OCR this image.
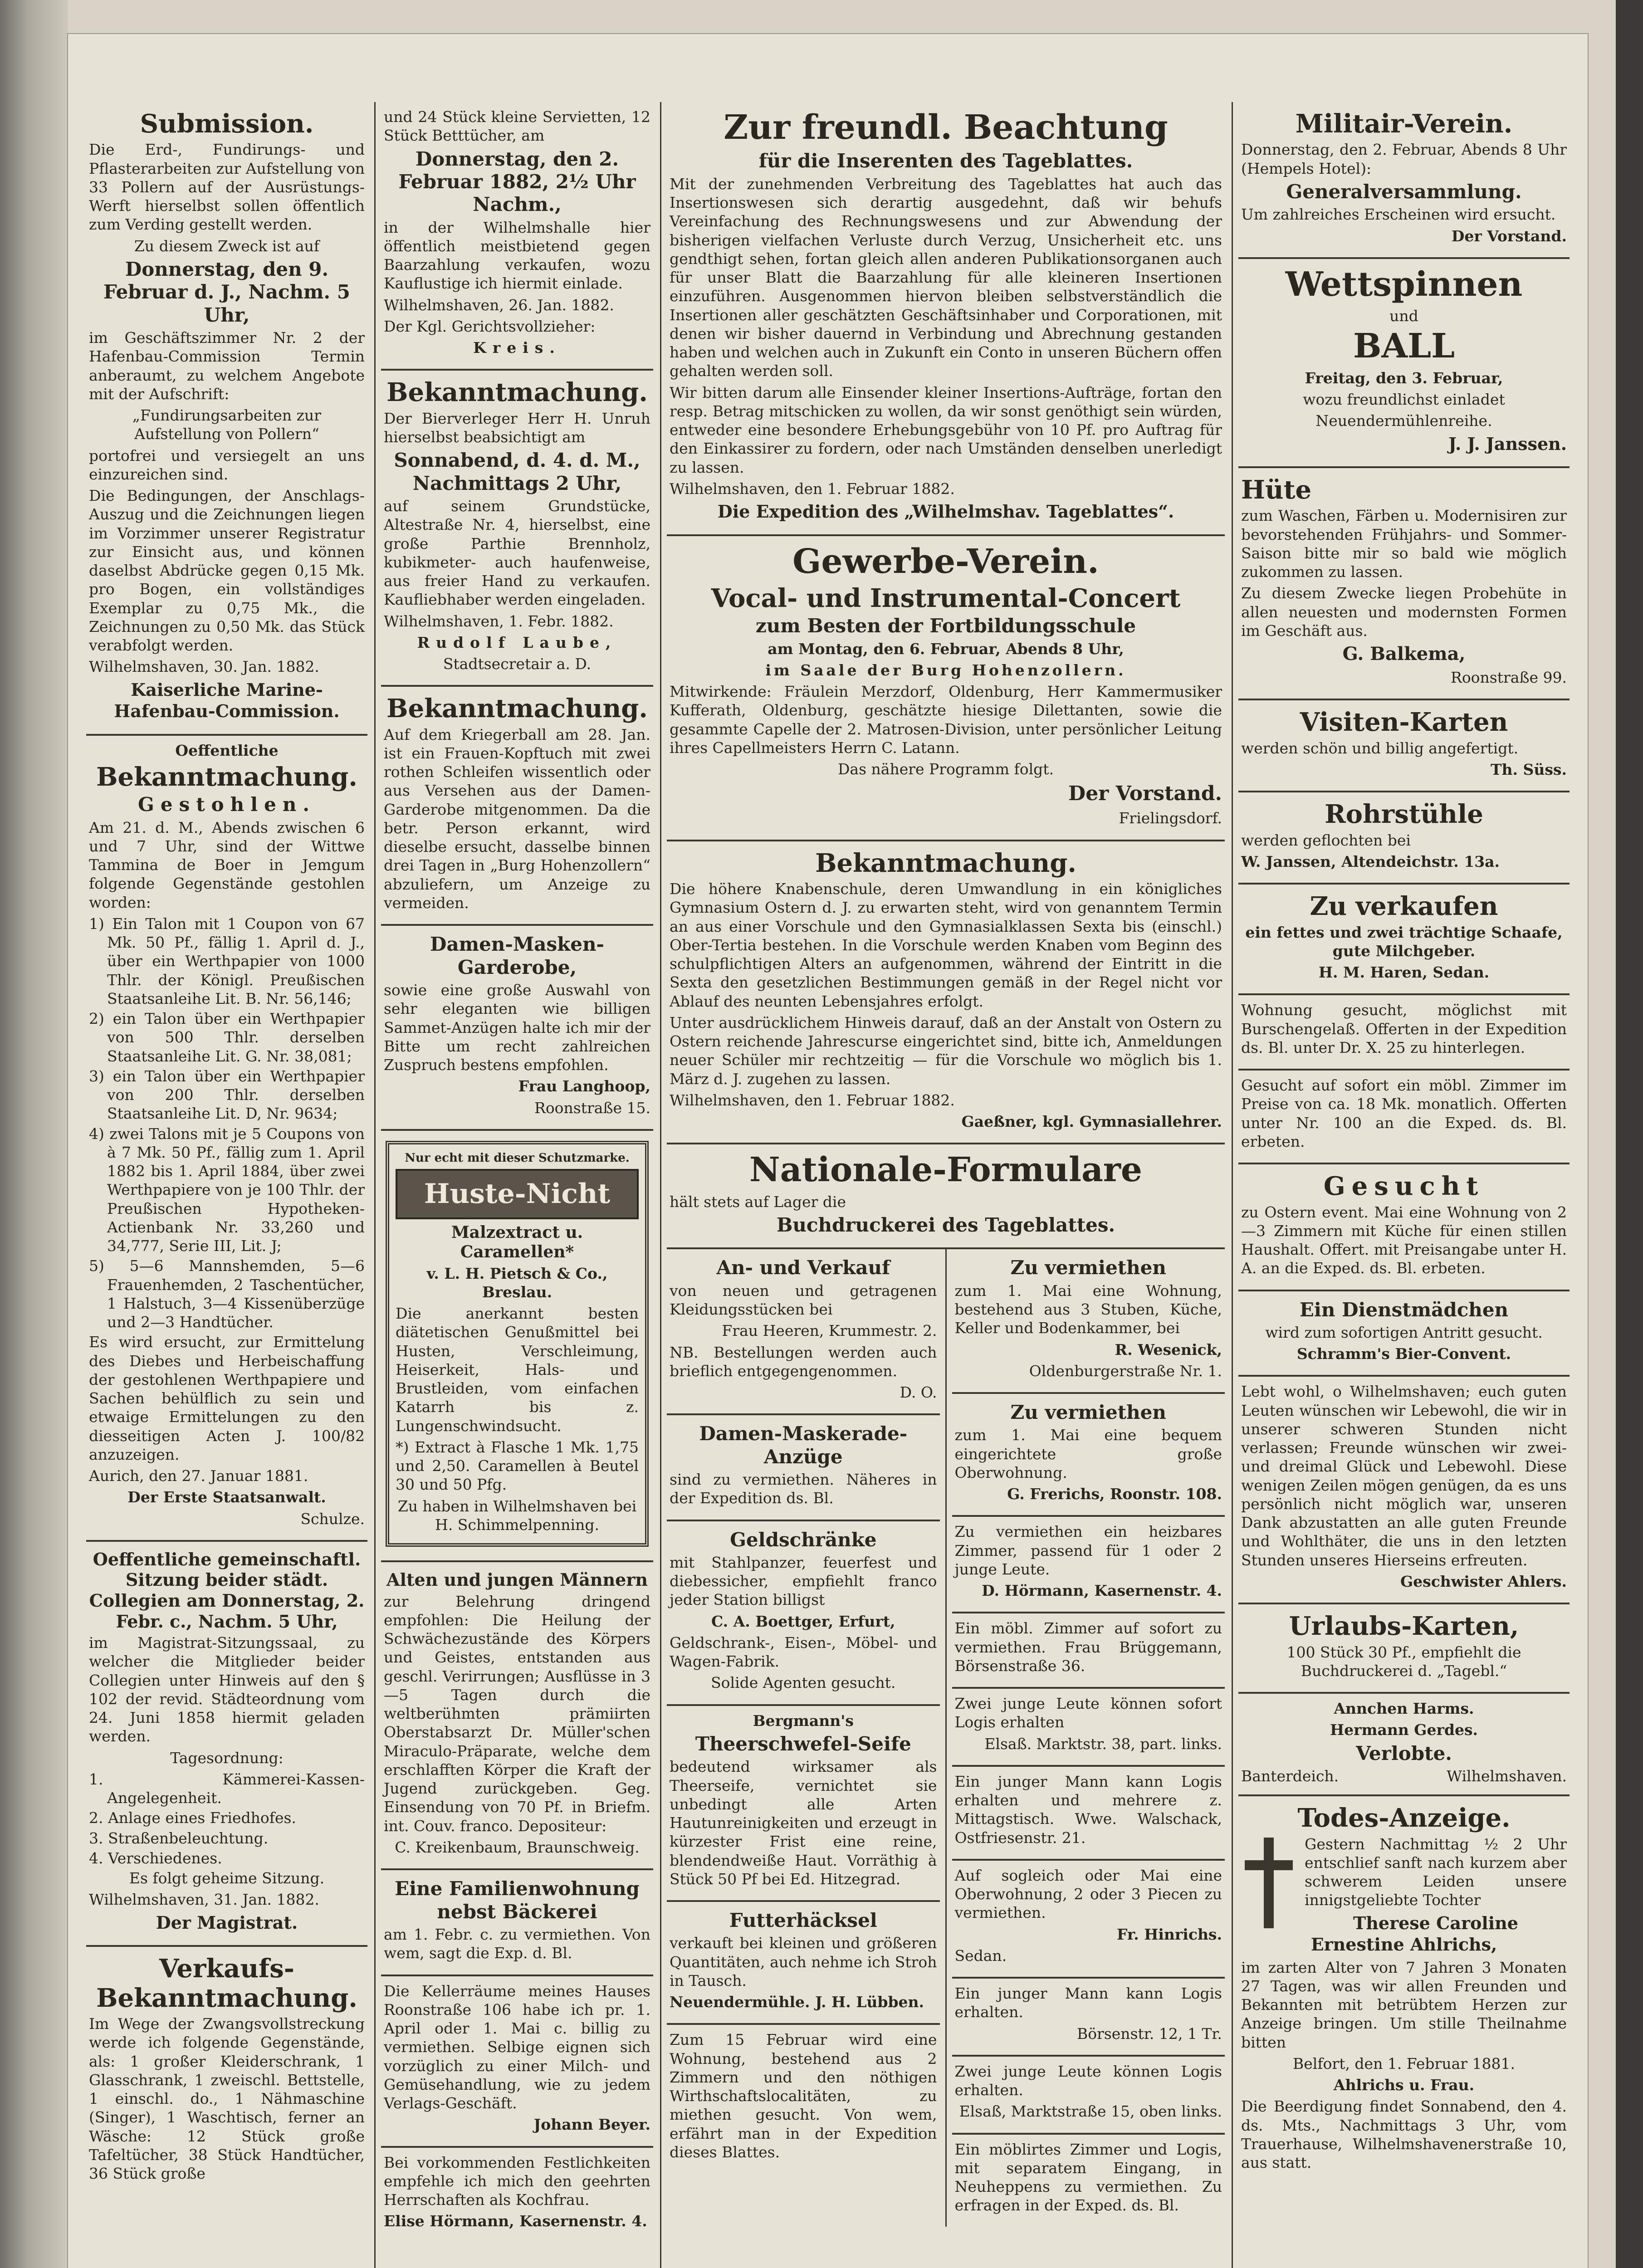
Submission.

Die Erd-, Fundirungs- und Pflasterarbeiten zur Aufstellung von 33 Pollern auf der Ausrüstungs-Werft hierselbst sollen öffentlich zum Verding gestellt werden.

Zu diesem Zweck ist auf

Donnerstag, den 9. Februar d. J., Nachm. 5 Uhr,

im Geschäftszimmer Nr. 2 der Hafenbau-Commission Termin anberaumt, zu welchem Angebote mit der Aufschrift:

„Fundirungsarbeiten zur Aufstellung von Pollern“

portofrei und versiegelt an uns einzureichen sind.

Die Bedingungen, der Anschlags-Auszug und die Zeichnungen liegen im Vorzimmer unserer Registratur zur Einsicht aus, und können daselbst Abdrücke gegen 0,15 Mk. pro Bogen, ein vollständiges Exemplar zu 0,75 Mk., die Zeichnungen zu 0,50 Mk. das Stück verabfolgt werden.

Wilhelmshaven, 30. Jan. 1882.

Kaiserliche Marine-Hafenbau-Commission.

Oeffentliche

Bekanntmachung.
Gestohlen.

Am 21. d. M., Abends zwischen 6 und 7 Uhr, sind der Wittwe Tammina de Boer in Jemgum folgende Gegenstände gestohlen worden:

1) Ein Talon mit 1 Coupon von 67 Mk. 50 Pf., fällig 1. April d. J., über ein Werthpapier von 1000 Thlr. der Königl. Preußischen Staatsanleihe Lit. B. Nr. 56,146;
2) ein Talon über ein Werthpapier von 500 Thlr. derselben Staatsanleihe Lit. G. Nr. 38,081;
3) ein Talon über ein Werthpapier von 200 Thlr. derselben Staatsanleihe Lit. D, Nr. 9634;
4) zwei Talons mit je 5 Coupons von à 7 Mk. 50 Pf., fällig zum 1. April 1882 bis 1. April 1884, über zwei Werthpapiere von je 100 Thlr. der Preußischen Hypotheken-Actienbank Nr. 33,260 und 34,777, Serie III, Lit. J;
5) 5—6 Mannshemden, 5—6 Frauenhemden, 2 Taschentücher, 1 Halstuch, 3—4 Kissenüberzüge und 2—3 Handtücher.

Es wird ersucht, zur Ermittelung des Diebes und Herbeischaffung der gestohlenen Werthpapiere und Sachen behülflich zu sein und etwaige Ermittelungen zu den diesseitigen Acten J. 100/82 anzuzeigen.

Aurich, den 27. Januar 1881.

Der Erste Staatsanwalt.

Schulze.

Oeffentliche gemeinschaftl. Sitzung beider städt. Collegien am Donnerstag, 2. Febr. c., Nachm. 5 Uhr,

im Magistrat-Sitzungssaal, zu welcher die Mitglieder beider Collegien unter Hinweis auf den § 102 der revid. Städteordnung vom 24. Juni 1858 hiermit geladen werden.

Tagesordnung:

1. Kämmerei-Kassen-Angelegenheit.
2. Anlage eines Friedhofes.
3. Straßenbeleuchtung.
4. Verschiedenes.

Es folgt geheime Sitzung.

Wilhelmshaven, 31. Jan. 1882.

Der Magistrat.

Verkaufs-Bekanntmachung.

Im Wege der Zwangsvollstreckung werde ich folgende Gegenstände, als: 1 großer Kleiderschrank, 1 Glasschrank, 1 zweischl. Bettstelle, 1 einschl. do., 1 Nähmaschine (Singer), 1 Waschtisch, ferner an Wäsche: 12 Stück große Tafeltücher, 38 Stück Handtücher, 36 Stück große

und 24 Stück kleine Servietten, 12 Stück Betttücher, am

Donnerstag, den 2. Februar 1882, 2½ Uhr Nachm.,

in der Wilhelmshalle hier öffentlich meistbietend gegen Baarzahlung verkaufen, wozu Kauflustige ich hiermit einlade.

Wilhelmshaven, 26. Jan. 1882.

Der Kgl. Gerichtsvollzieher:

Kreis.

Bekanntmachung.

Der Bierverleger Herr H. Unruh hierselbst beabsichtigt am

Sonnabend, d. 4. d. M., Nachmittags 2 Uhr,

auf seinem Grundstücke, Altestraße Nr. 4, hierselbst, eine große Parthie Brennholz, kubikmeter- auch haufenweise, aus freier Hand zu verkaufen. Kaufliebhaber werden eingeladen.

Wilhelmshaven, 1. Febr. 1882.

Rudolf Laube,

Stadtsecretair a. D.

Bekanntmachung.

Auf dem Kriegerball am 28. Jan. ist ein Frauen-Kopftuch mit zwei rothen Schleifen wissentlich oder aus Versehen aus der Damen-Garderobe mitgenommen. Da die betr. Person erkannt, wird dieselbe ersucht, dasselbe binnen drei Tagen in „Burg Hohenzollern“ abzuliefern, um Anzeige zu vermeiden.

Damen-Masken-Garderobe,

sowie eine große Auswahl von sehr eleganten wie billigen Sammet-Anzügen halte ich mir der Bitte um recht zahlreichen Zuspruch bestens empfohlen.

Frau Langhoop,

Roonstraße 15.

Nur echt mit dieser Schutzmarke.
Huste-Nicht
Malzextract u. Caramellen*

v. L. H. Pietsch & Co., Breslau.

Die anerkannt besten diätetischen Genußmittel bei Husten, Verschleimung, Heiserkeit, Hals- und Brustleiden, vom einfachen Katarrh bis z. Lungenschwindsucht.

*) Extract à Flasche 1 Mk. 1,75 und 2,50. Caramellen à Beutel 30 und 50 Pfg.

Zu haben in Wilhelmshaven bei H. Schimmelpenning.

Alten und jungen Männern

zur Belehrung dringend empfohlen: Die Heilung der Schwächezustände des Körpers und Geistes, entstanden aus geschl. Verirrungen; Ausflüsse in 3—5 Tagen durch die weltberühmten prämiirten Oberstabsarzt Dr. Müller'schen Miraculo-Präparate, welche dem erschlafften Körper die Kraft der Jugend zurückgeben. Geg. Einsendung von 70 Pf. in Briefm. int. Couv. franco. Depositeur:

C. Kreikenbaum, Braunschweig.

Eine Familienwohnung nebst Bäckerei

am 1. Febr. c. zu vermiethen. Von wem, sagt die Exp. d. Bl.

Die Kellerräume meines Hauses Roonstraße 106 habe ich pr. 1. April oder 1. Mai c. billig zu vermiethen. Selbige eignen sich vorzüglich zu einer Milch- und Gemüsehandlung, wie zu jedem Verlags-Geschäft.

Johann Beyer.

Bei vorkommenden Festlichkeiten empfehle ich mich den geehrten Herrschaften als Kochfrau.

Elise Hörmann, Kasernenstr. 4.

Zur freundl. Beachtung
für die Inserenten des Tageblattes.

Mit der zunehmenden Verbreitung des Tageblattes hat auch das Insertionswesen sich derartig ausgedehnt, daß wir behufs Vereinfachung des Rechnungswesens und zur Abwendung der bisherigen vielfachen Verluste durch Verzug, Unsicherheit etc. uns gendthigt sehen, fortan gleich allen anderen Publikationsorganen auch für unser Blatt die Baarzahlung für alle kleineren Insertionen einzuführen. Ausgenommen hiervon bleiben selbstverständlich die Insertionen aller geschätzten Geschäftsinhaber und Corporationen, mit denen wir bisher dauernd in Verbindung und Abrechnung gestanden haben und welchen auch in Zukunft ein Conto in unseren Büchern offen gehalten werden soll.

Wir bitten darum alle Einsender kleiner Insertions-Aufträge, fortan den resp. Betrag mitschicken zu wollen, da wir sonst genöthigt sein würden, entweder eine besondere Erhebungsgebühr von 10 Pf. pro Auftrag für den Einkassirer zu fordern, oder nach Umständen denselben unerledigt zu lassen.

Wilhelmshaven, den 1. Februar 1882.

Die Expedition des „Wilhelmshav. Tageblattes“.

Gewerbe-Verein.
Vocal- und Instrumental-Concert
zum Besten der Fortbildungsschule

am Montag, den 6. Februar, Abends 8 Uhr,

im Saale der Burg Hohenzollern.

Mitwirkende: Fräulein Merzdorf, Oldenburg, Herr Kammermusiker Kufferath, Oldenburg, geschätzte hiesige Dilettanten, sowie die gesammte Capelle der 2. Matrosen-Division, unter persönlicher Leitung ihres Capellmeisters Herrn C. Latann.

Das nähere Programm folgt.

Der Vorstand.

Frielingsdorf.

Bekanntmachung.

Die höhere Knabenschule, deren Umwandlung in ein königliches Gymnasium Ostern d. J. zu erwarten steht, wird von genanntem Termin an aus einer Vorschule und den Gymnasialklassen Sexta bis (einschl.) Ober-Tertia bestehen. In die Vorschule werden Knaben vom Beginn des schulpflichtigen Alters an aufgenommen, während der Eintritt in die Sexta den gesetzlichen Bestimmungen gemäß in der Regel nicht vor Ablauf des neunten Lebensjahres erfolgt.

Unter ausdrücklichem Hinweis darauf, daß an der Anstalt von Ostern zu Ostern reichende Jahrescurse eingerichtet sind, bitte ich, Anmeldungen neuer Schüler mir rechtzeitig — für die Vorschule wo möglich bis 1. März d. J. zugehen zu lassen.

Wilhelmshaven, den 1. Februar 1882.

Gaeßner, kgl. Gymnasiallehrer.

Nationale-Formulare

hält stets auf Lager die

Buchdruckerei des Tageblattes.
An- und Verkauf

von neuen und getragenen Kleidungsstücken bei

Frau Heeren, Krummestr. 2.

NB. Bestellungen werden auch brieflich entgegengenommen.

D. O.

Damen-Maskerade-Anzüge

sind zu vermiethen. Näheres in der Expedition ds. Bl.

Geldschränke

mit Stahlpanzer, feuerfest und diebessicher, empfiehlt franco jeder Station billigst

C. A. Boettger, Erfurt,

Geldschrank-, Eisen-, Möbel- und Wagen-Fabrik.

Solide Agenten gesucht.

Bergmann's

Theerschwefel-Seife

bedeutend wirksamer als Theerseife, vernichtet sie unbedingt alle Arten Hautunreinigkeiten und erzeugt in kürzester Frist eine reine, blendendweiße Haut. Vorräthig à Stück 50 Pf bei Ed. Hitzegrad.

Futterhäcksel

verkauft bei kleinen und größeren Quantitäten, auch nehme ich Stroh in Tausch.

Neuendermühle. J. H. Lübben.

Zum 15 Februar wird eine Wohnung, bestehend aus 2 Zimmern und den nöthigen Wirthschaftslocalitäten, zu miethen gesucht. Von wem, erfährt man in der Expedition dieses Blattes.

Zu vermiethen

zum 1. Mai eine Wohnung, bestehend aus 3 Stuben, Küche, Keller und Bodenkammer, bei

R. Wesenick,

Oldenburgerstraße Nr. 1.

Zu vermiethen

zum 1. Mai eine bequem eingerichtete große Oberwohnung.

G. Frerichs, Roonstr. 108.

Zu vermiethen ein heizbares Zimmer, passend für 1 oder 2 junge Leute.

D. Hörmann, Kasernenstr. 4.

Ein möbl. Zimmer auf sofort zu vermiethen. Frau Brüggemann, Börsenstraße 36.

Zwei junge Leute können sofort Logis erhalten

Elsaß. Marktstr. 38, part. links.

Ein junger Mann kann Logis erhalten und mehrere z. Mittagstisch. Wwe. Walschack, Ostfriesenstr. 21.

Auf sogleich oder Mai eine Oberwohnung, 2 oder 3 Piecen zu vermiethen.

Fr. Hinrichs.

Sedan.

Ein junger Mann kann Logis erhalten.

Börsenstr. 12, 1 Tr.

Zwei junge Leute können Logis erhalten.

Elsaß, Marktstraße 15, oben links.

Ein möblirtes Zimmer und Logis, mit separatem Eingang, in Neuheppens zu vermiethen. Zu erfragen in der Exped. ds. Bl.

Militair-Verein.

Donnerstag, den 2. Februar, Abends 8 Uhr (Hempels Hotel):

Generalversammlung.

Um zahlreiches Erscheinen wird ersucht.

Der Vorstand.

Wettspinnen

und

BALL

Freitag, den 3. Februar,

wozu freundlichst einladet

Neuendermühlenreihe.

J. J. Janssen.

Hüte

zum Waschen, Färben u. Modernisiren zur bevorstehenden Frühjahrs- und Sommer-Saison bitte mir so bald wie möglich zukommen zu lassen.

Zu diesem Zwecke liegen Probehüte in allen neuesten und modernsten Formen im Geschäft aus.

G. Balkema,

Roonstraße 99.

Visiten-Karten

werden schön und billig angefertigt.

Th. Süss.

Rohrstühle

werden geflochten bei

W. Janssen, Altendeichstr. 13a.

Zu verkaufen

ein fettes und zwei trächtige Schaafe, gute Milchgeber.

H. M. Haren, Sedan.

Wohnung gesucht, möglichst mit Burschengelaß. Offerten in der Expedition ds. Bl. unter Dr. X. 25 zu hinterlegen.

Gesucht auf sofort ein möbl. Zimmer im Preise von ca. 18 Mk. monatlich. Offerten unter Nr. 100 an die Exped. ds. Bl. erbeten.

Gesucht

zu Ostern event. Mai eine Wohnung von 2—3 Zimmern mit Küche für einen stillen Haushalt. Offert. mit Preisangabe unter H. A. an die Exped. ds. Bl. erbeten.

Ein Dienstmädchen

wird zum sofortigen Antritt gesucht.

Schramm's Bier-Convent.

Lebt wohl, o Wilhelmshaven; euch guten Leuten wünschen wir Lebewohl, die wir in unserer schweren Stunden nicht verlassen; Freunde wünschen wir zwei- und dreimal Glück und Lebewohl. Diese wenigen Zeilen mögen genügen, da es uns persönlich nicht möglich war, unseren Dank abzustatten an alle guten Freunde und Wohlthäter, die uns in den letzten Stunden unseres Hierseins erfreuten.

Geschwister Ahlers.

Urlaubs-Karten,

100 Stück 30 Pf., empfiehlt die Buchdruckerei d. „Tagebl.“

Annchen Harms.

Hermann Gerdes.

Verlobte.
Banterdeich.	Wilhelmshaven.
Todes-Anzeige.

Gestern Nachmittag ½ 2 Uhr entschlief sanft nach kurzem aber schwerem Leiden unsere innigstgeliebte Tochter

Therese Caroline Ernestine Ahlrichs,

im zarten Alter von 7 Jahren 3 Monaten 27 Tagen, was wir allen Freunden und Bekannten mit betrübtem Herzen zur Anzeige bringen. Um stille Theilnahme bitten

Belfort, den 1. Februar 1881.

Ahlrichs u. Frau.

Die Beerdigung findet Sonnabend, den 4. ds. Mts., Nachmittags 3 Uhr, vom Trauerhause, Wilhelmshavenerstraße 10, aus statt.
